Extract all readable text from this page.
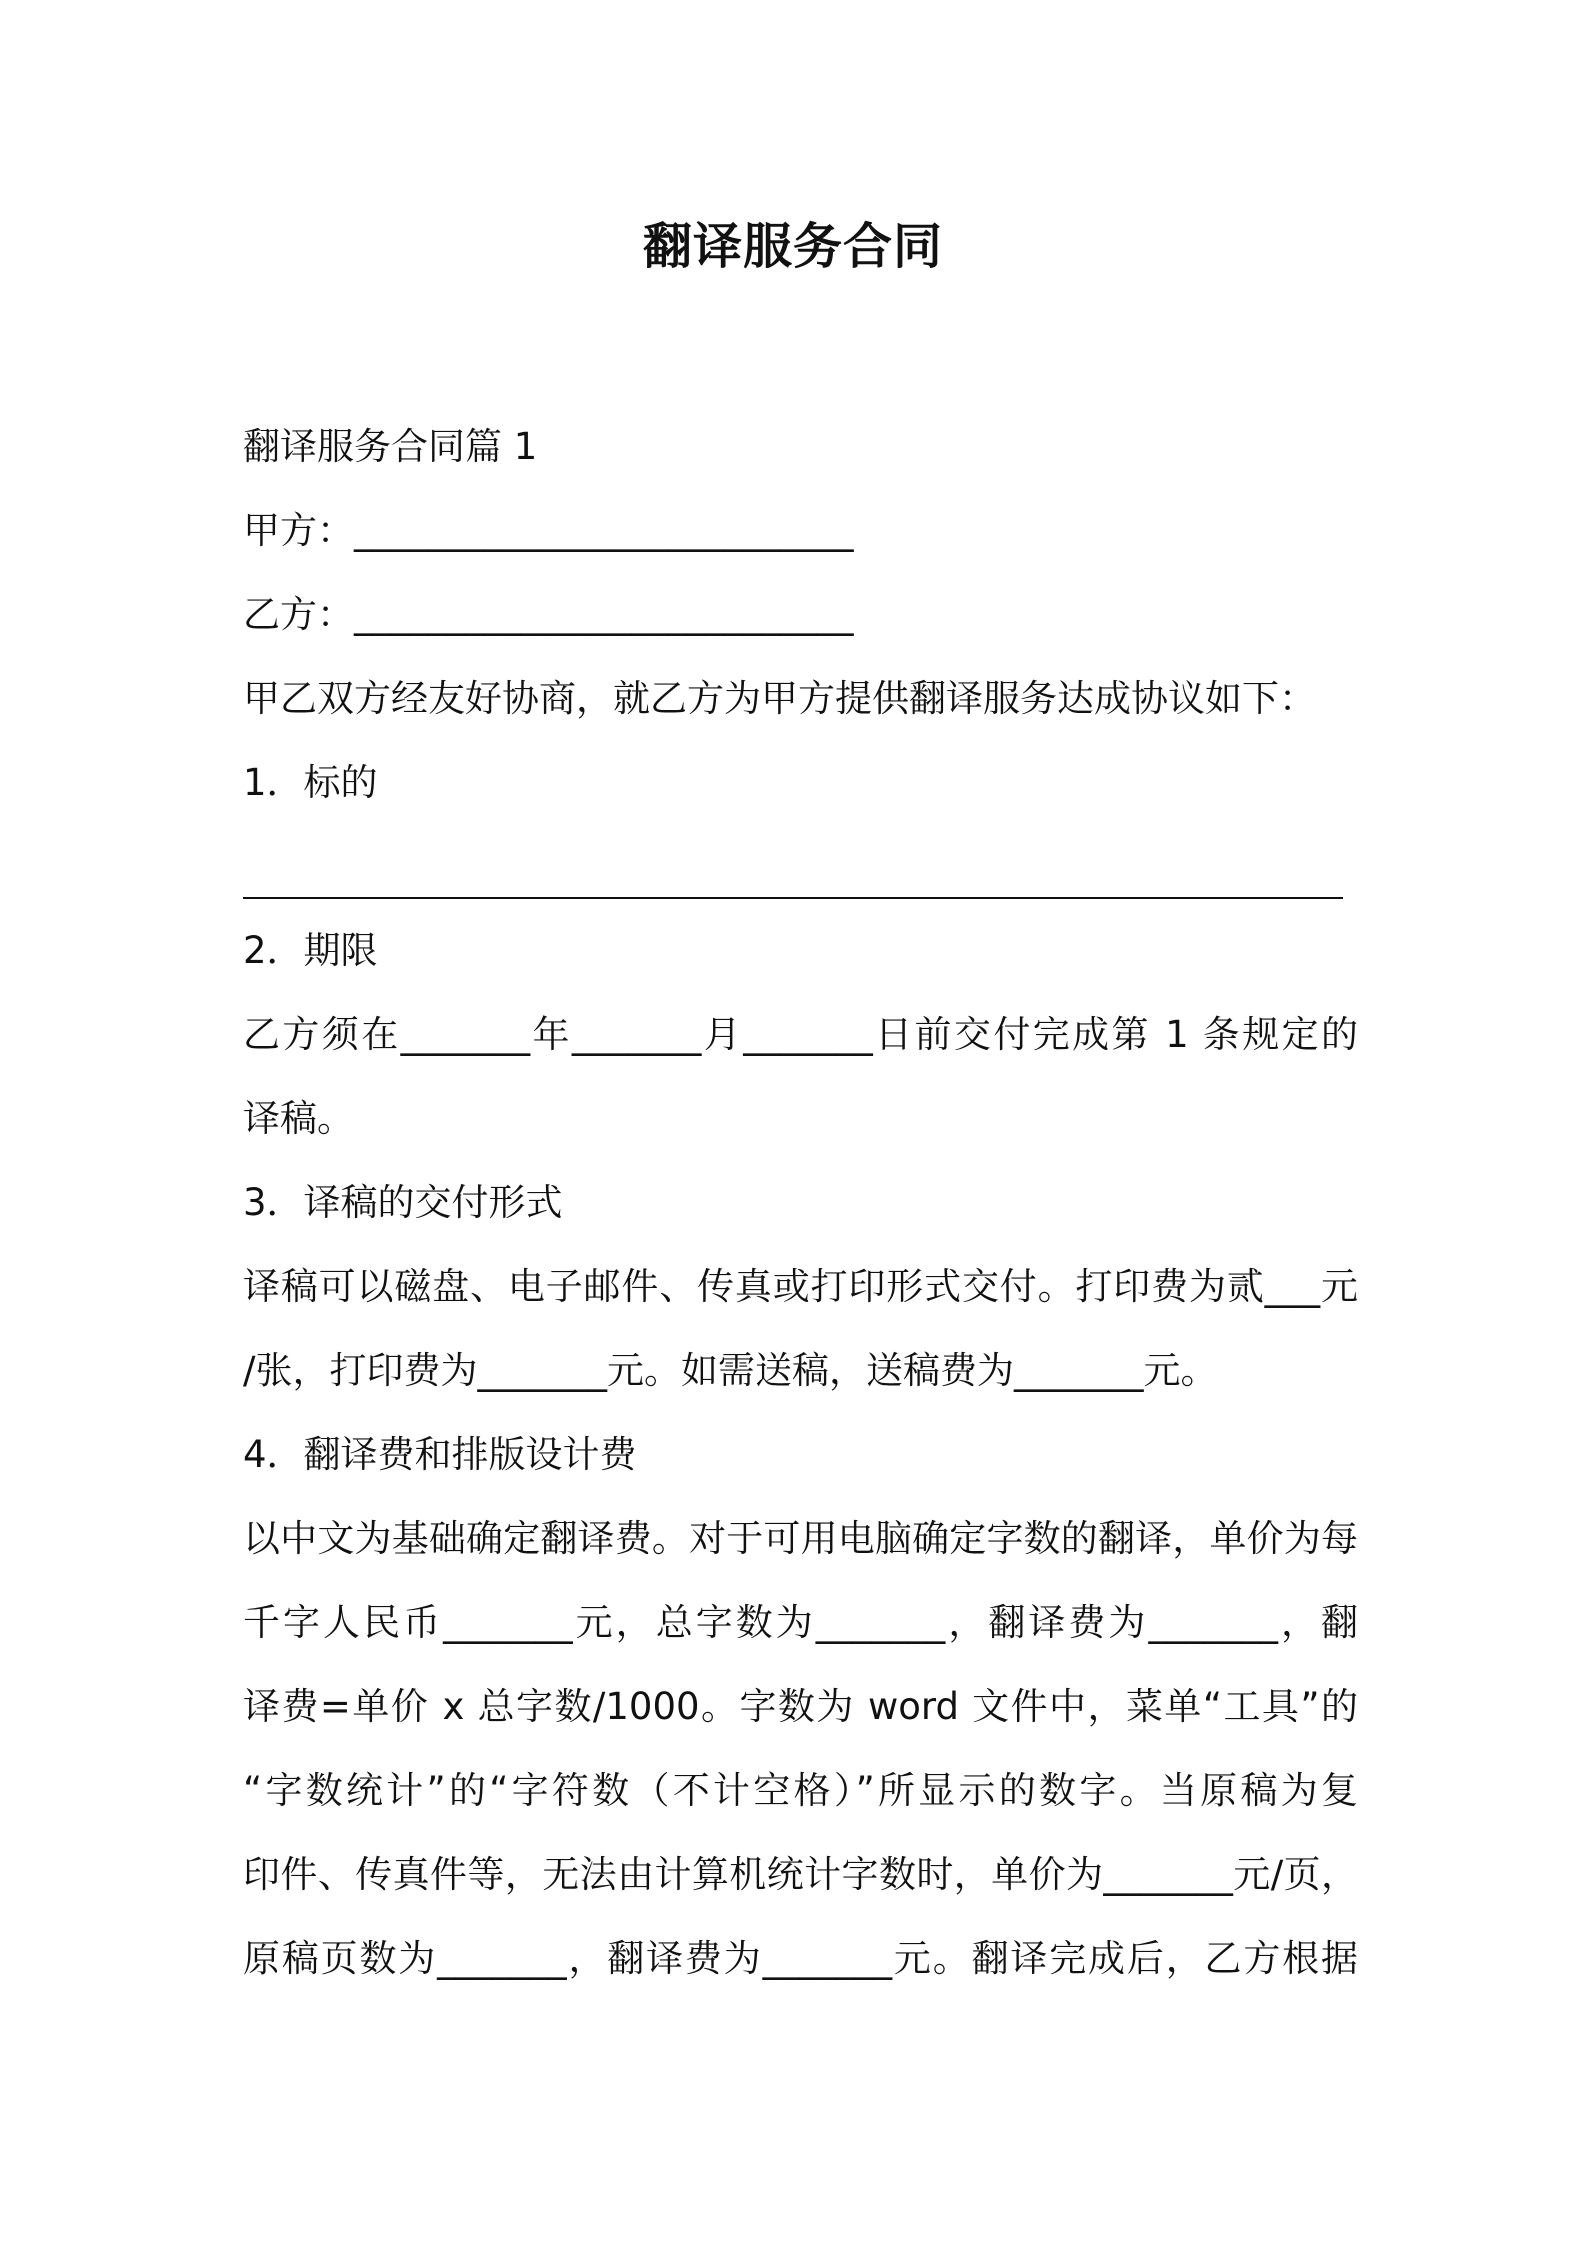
翻译服务合同
翻译服务合同篇 1
甲方：___________________________
乙方：___________________________
甲乙双方经友好协商，就乙方为甲方提供翻译服务达成协议如下：
1．标的
2．期限
乙方须在_______年_______月_______日前交付完成第 1 条规定的
译稿。
3．译稿的交付形式
译稿可以磁盘、电子邮件、传真或打印形式交付。打印费为贰___元
/张，打印费为_______元。如需送稿，送稿费为_______元。
4．翻译费和排版设计费
以中文为基础确定翻译费。对于可用电脑确定字数的翻译，单价为每
千字人民币_______元，总字数为_______，翻译费为_______，翻
译费=单价 x 总字数/1000。字数为 word 文件中，菜单“工具”的
“字数统计”的“字符数（不计空格）”所显示的数字。当原稿为复
印件、传真件等，无法由计算机统计字数时，单价为_______元/页，
原稿页数为_______，翻译费为_______元。翻译完成后，乙方根据
